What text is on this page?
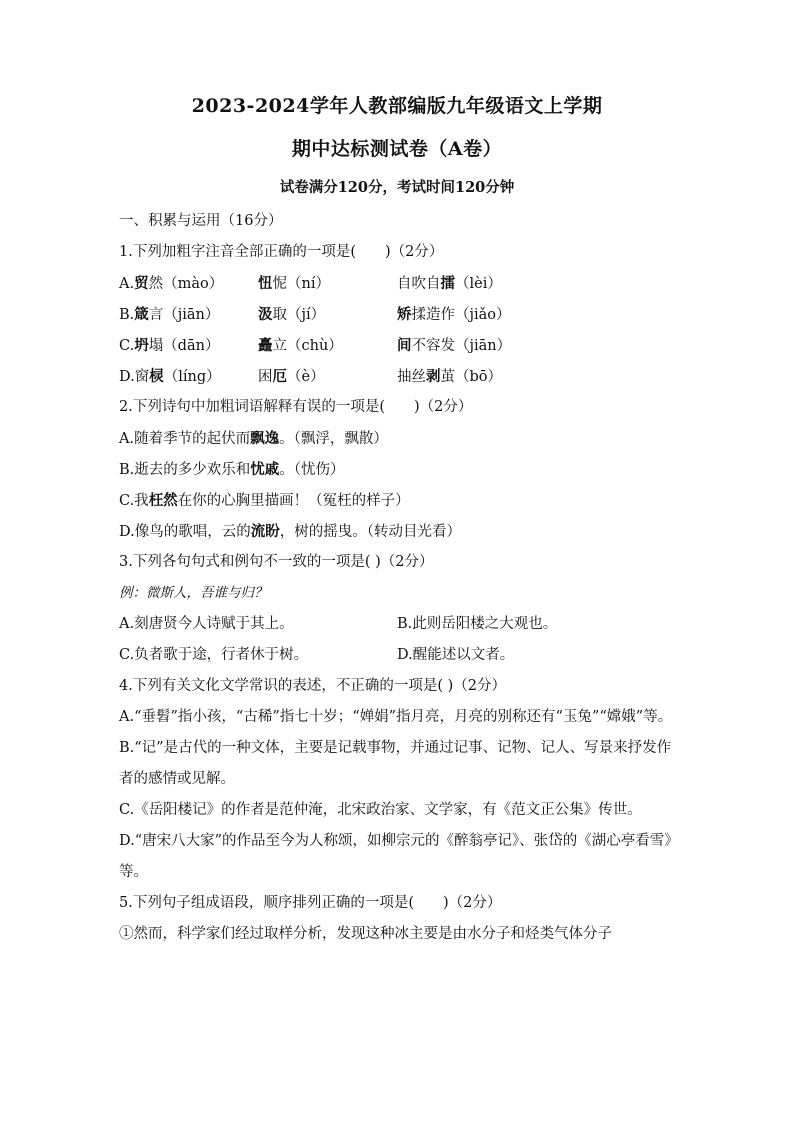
2023-2024学年人教部编版九年级语文上学期
期中达标测试卷（A卷）
试卷满分120分，考试时间120分钟
一、积累与运用（16分）
1.下列加粗字注音全部正确的一项是(　　)（2分）
A.贸然（mào）	忸怩（ní）	自吹自擂（lèi）
B.箴言（jiān）	汲取（jí）	矫揉造作（jiǎo）
C.坍塌（dān）	矗立（chù）	间不容发（jiān）
D.窗棂（líng）	困厄（è）	抽丝剥茧（bō）
2.下列诗句中加粗词语解释有误的一项是(　　)（2分）
A.随着季节的起伏而飘逸。（飘浮，飘散）
B.逝去的多少欢乐和忧戚。（忧伤）
C.我枉然在你的心胸里描画！（冤枉的样子）
D.像鸟的歌唱，云的流盼，树的摇曳。（转动目光看）
3.下列各句句式和例句不一致的一项是( )（2分）
例：微斯人，吾谁与归？
A.刻唐贤今人诗赋于其上。	B.此则岳阳楼之大观也。
C.负者歌于途，行者休于树。	D.醒能述以文者。
4.下列有关文化文学常识的表述，不正确的一项是( )（2分）
A.“垂髫”指小孩，“古稀”指七十岁；“婵娟”指月亮，月亮的别称还有“玉兔”“嫦娥”等。
B.“记”是古代的一种文体，主要是记载事物，并通过记事、记物、记人、写景来抒发作者的感情或见解。
C.《岳阳楼记》的作者是范仲淹，北宋政治家、文学家，有《范文正公集》传世。
D.“唐宋八大家”的作品至今为人称颂，如柳宗元的《醉翁亭记》、张岱的《湖心亭看雪》等。
5.下列句子组成语段，顺序排列正确的一项是(　　)（2分）
①然而，科学家们经过取样分析，发现这种冰主要是由水分子和烃类气体分子
